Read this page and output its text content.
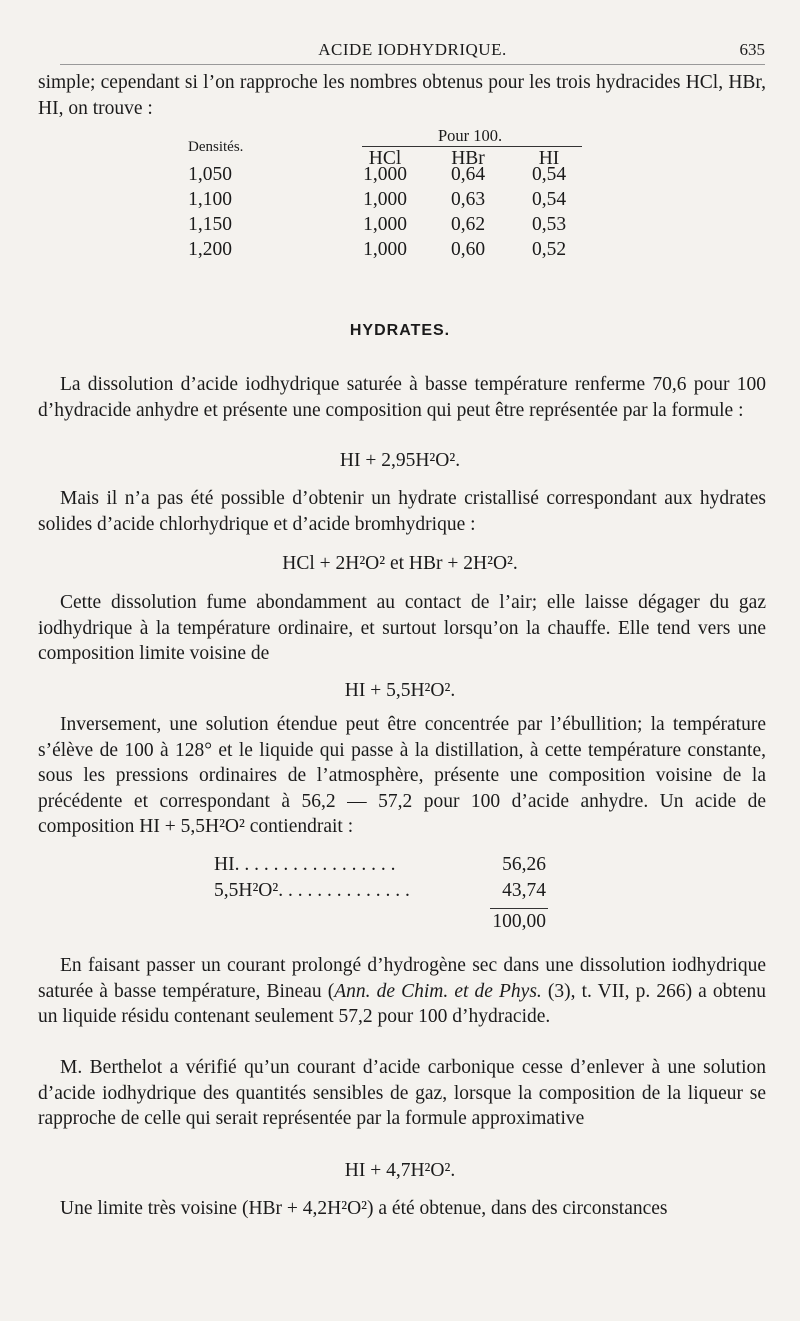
ACIDE IODHYDRIQUE.	635
simple; cependant si l’on rapproche les nombres obtenus pour les trois hydracides HCl, HBr, HI, on trouve :
Densités.
Pour 100.
HCl	HBr	HI
1,050	1,000	0,64	0,54
1,100	1,000	0,63	0,54
1,150	1,000	0,62	0,53
1,200	1,000	0,60	0,52
HYDRATES.
La dissolution d’acide iodhydrique saturée à basse température renferme 70,6 pour 100 d’hydracide anhydre et présente une composition qui peut être représentée par la formule :
HI + 2,95H²O².
Mais il n’a pas été possible d’obtenir un hydrate cristallisé correspondant aux hydrates solides d’acide chlorhydrique et d’acide bromhydrique :
HCl + 2H²O² et HBr + 2H²O².
Cette dissolution fume abondamment au contact de l’air; elle laisse dégager du gaz iodhydrique à la température ordinaire, et surtout lorsqu’on la chauffe. Elle tend vers une composition limite voisine de
HI + 5,5H²O².
Inversement, une solution étendue peut être concentrée par l’ébullition; la température s’élève de 100 à 128° et le liquide qui passe à la distillation, à cette température constante, sous les pressions ordinaires de l’atmosphère, présente une composition voisine de la précédente et correspondant à 56,2 — 57,2 pour 100 d’acide anhydre. Un acide de composition HI + 5,5H²O² contiendrait :
HI. . . . . . . . . . . . . . . . .	56,26
5,5H²O². . . . . . . . . . . . . .	43,74
100,00
En faisant passer un courant prolongé d’hydrogène sec dans une dissolution iodhydrique saturée à basse température, Bineau (Ann. de Chim. et de Phys. (3), t. VII, p. 266) a obtenu un liquide résidu contenant seulement 57,2 pour 100 d’hydracide.
M. Berthelot a vérifié qu’un courant d’acide carbonique cesse d’enlever à une solution d’acide iodhydrique des quantités sensibles de gaz, lorsque la composition de la liqueur se rapproche de celle qui serait représentée par la formule approximative
HI + 4,7H²O².
Une limite très voisine (HBr + 4,2H²O²) a été obtenue, dans des circonstances
